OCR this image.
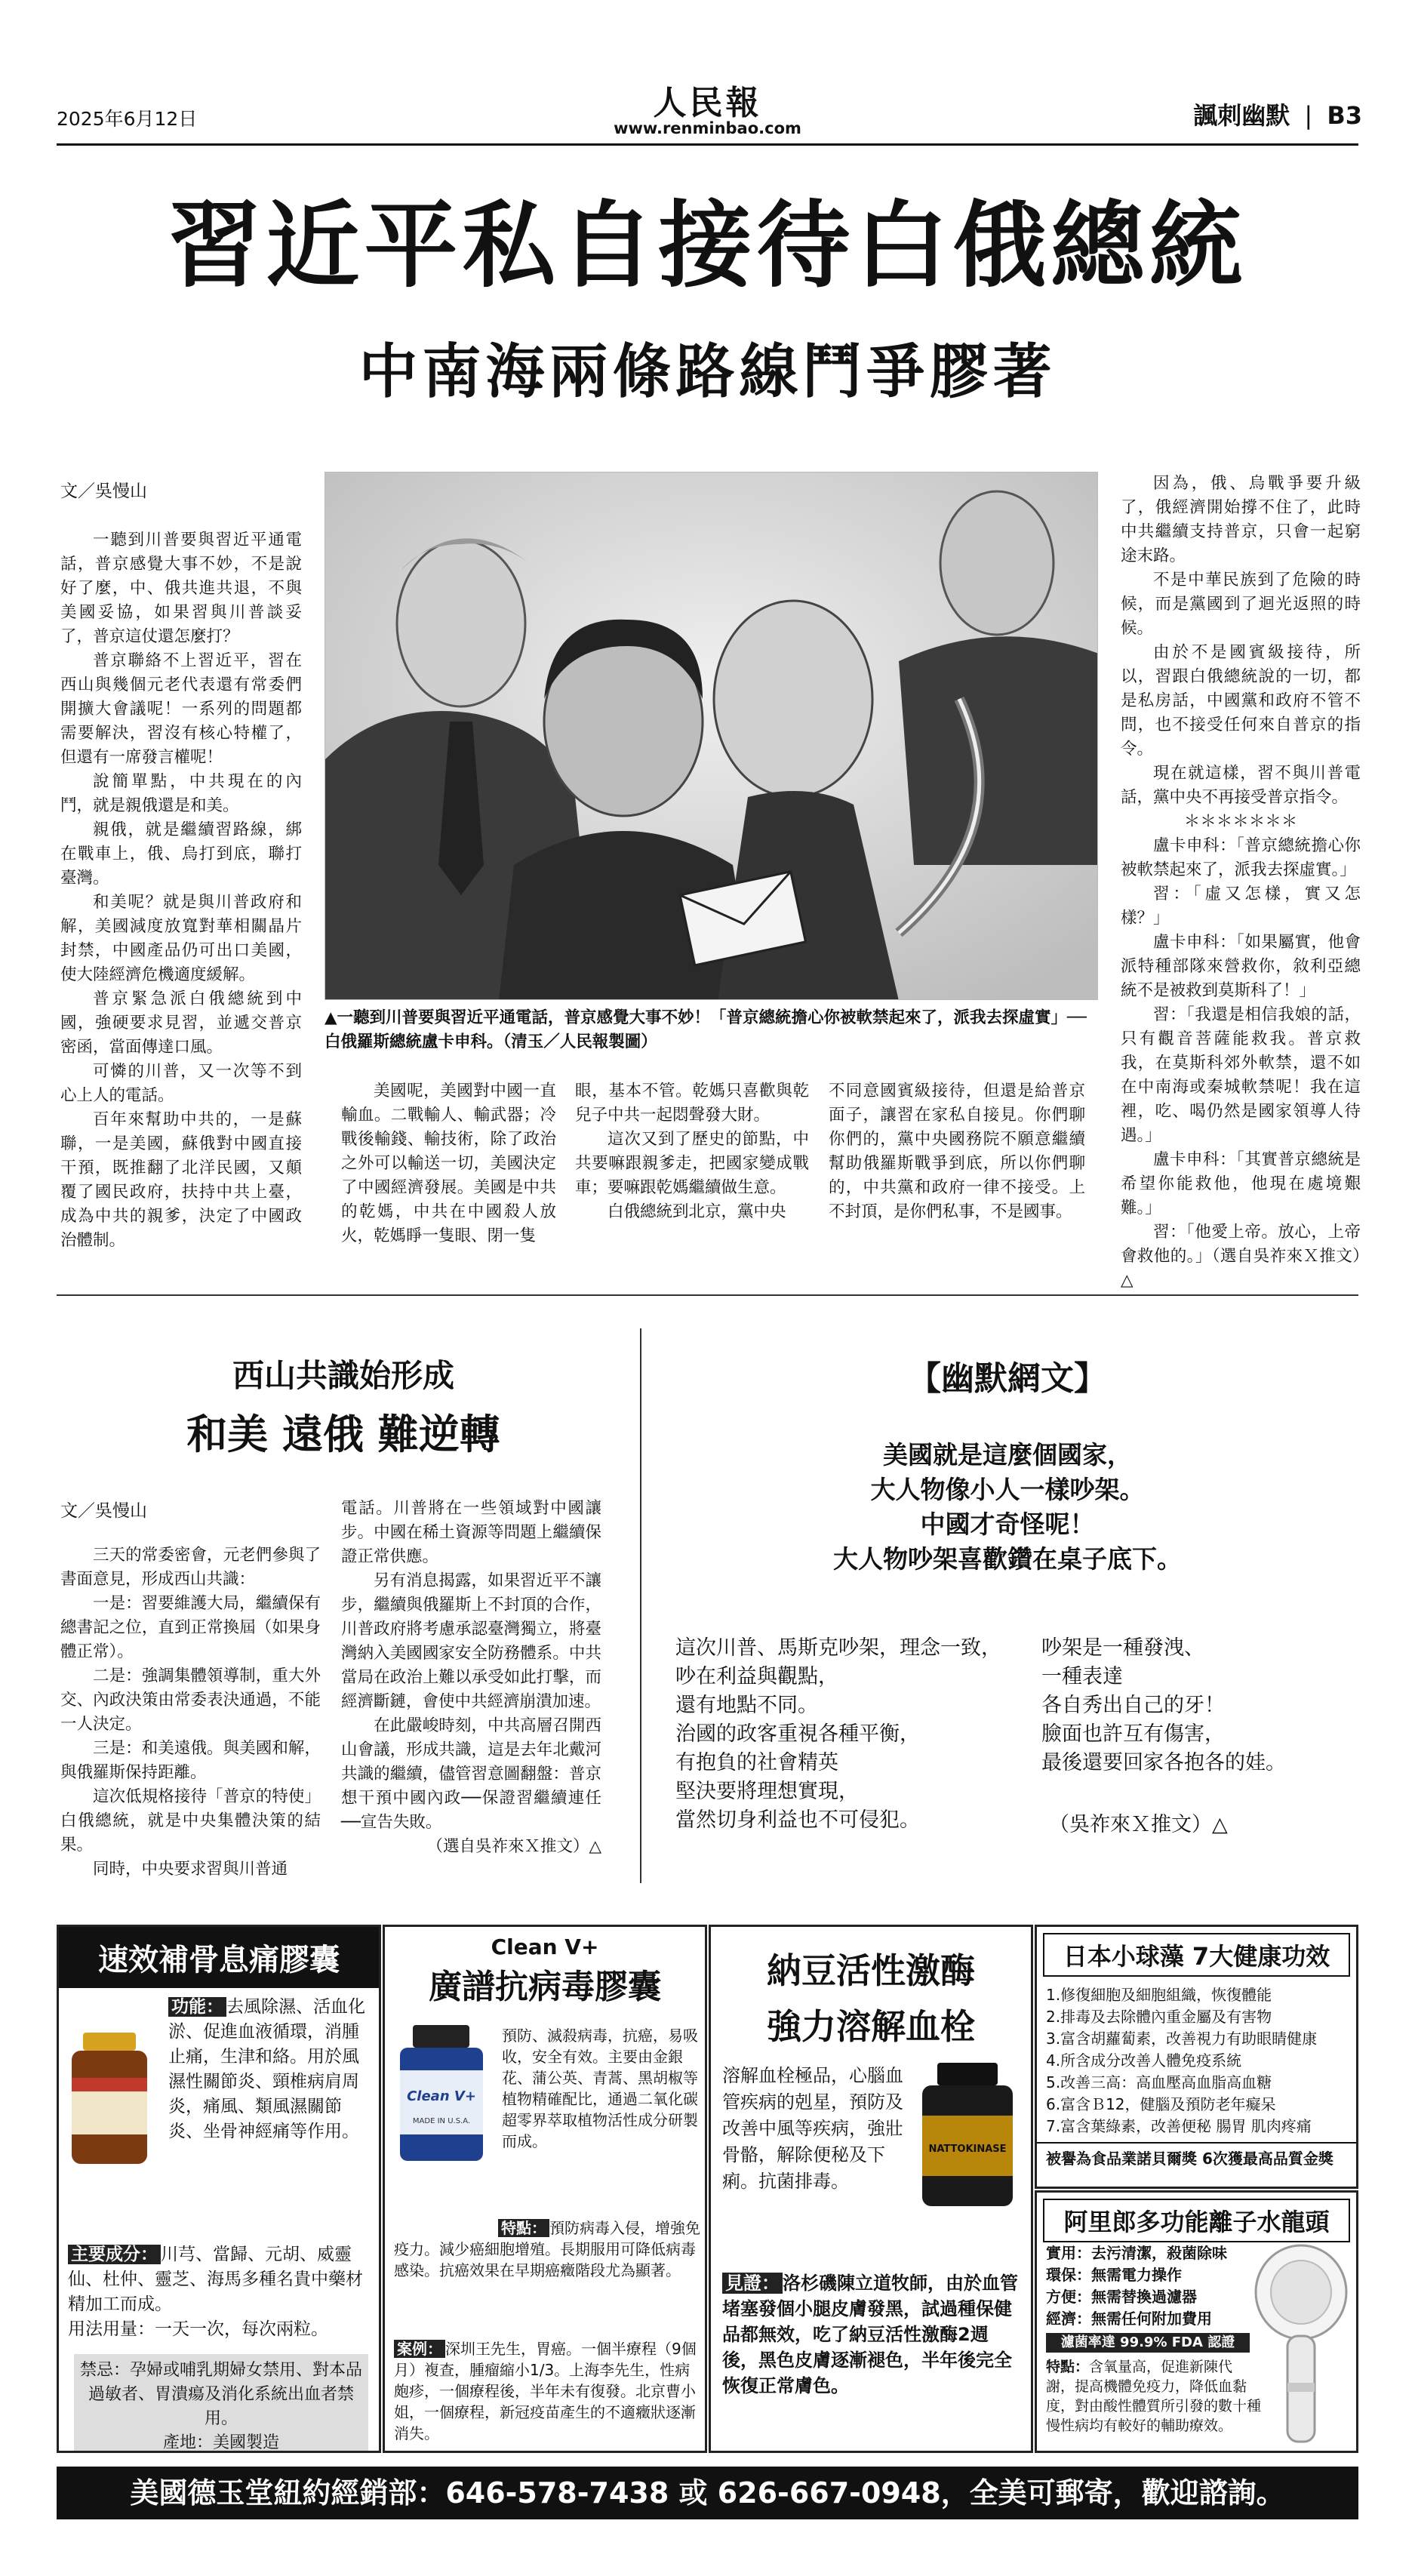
2025年6月12日	人民報
www.renminbao.com	諷刺幽默 | B3
習近平私自接待白俄總統
中南海兩條路線鬥爭膠著
文／吳慢山

一聽到川普要與習近平通電話，普京感覺大事不妙，不是說好了麼，中、俄共進共退，不與美國妥協，如果習與川普談妥了，普京這仗還怎麼打？

普京聯絡不上習近平，習在西山與幾個元老代表還有常委們開擴大會議呢！一系列的問題都需要解決，習沒有核心特權了，但還有一席發言權呢！

說簡單點，中共現在的內鬥，就是親俄還是和美。

親俄，就是繼續習路線，綁在戰車上，俄、烏打到底，聯打臺灣。

和美呢？就是與川普政府和解，美國減度放寬對華相關晶片封禁，中國產品仍可出口美國，使大陸經濟危機適度緩解。

普京緊急派白俄總統到中國，強硬要求見習，並遞交普京密函，當面傳達口風。

可憐的川普，又一次等不到心上人的電話。

百年來幫助中共的，一是蘇聯，一是美國，蘇俄對中國直接干預，既推翻了北洋民國，又顛覆了國民政府，扶持中共上臺，成為中共的親爹，決定了中國政治體制。

▲一聽到川普要與習近平通電話，普京感覺大事不妙！「普京總統擔心你被軟禁起來了，派我去探虛實」──白俄羅斯總統盧卡申科。（清玉／人民報製圖）

美國呢，美國對中國一直輸血。二戰輸人、輸武器；冷戰後輸錢、輸技術，除了政治之外可以輸送一切，美國決定了中國經濟發展。美國是中共的乾媽，中共在中國殺人放火，乾媽睜一隻眼、閉一隻

眼，基本不管。乾媽只喜歡與乾兒子中共一起悶聲發大財。

這次又到了歷史的節點，中共要嘛跟親爹走，把國家變成戰車；要嘛跟乾媽繼續做生意。

白俄總統到北京，黨中央

不同意國賓級接待，但還是給普京面子，讓習在家私自接見。你們聊你們的，黨中央國務院不願意繼續幫助俄羅斯戰爭到底，所以你們聊的，中共黨和政府一律不接受。上不封頂，是你們私事，不是國事。

因為，俄、烏戰爭要升級了，俄經濟開始撐不住了，此時中共繼續支持普京，只會一起窮途末路。

不是中華民族到了危險的時候，而是黨國到了迴光返照的時候。

由於不是國賓級接待，所以，習跟白俄總統說的一切，都是私房話，中國黨和政府不管不問，也不接受任何來自普京的指令。

現在就這樣，習不與川普電話，黨中央不再接受普京指令。

＊＊＊＊＊＊＊

盧卡申科：「普京總統擔心你被軟禁起來了，派我去探虛實。」

習：「虛又怎樣，實又怎樣？」

盧卡申科：「如果屬實，他會派特種部隊來營救你，敘利亞總統不是被救到莫斯科了！」

習：「我還是相信我娘的話，只有觀音菩薩能救我。普京救我，在莫斯科郊外軟禁，還不如在中南海或秦城軟禁呢！我在這裡，吃、喝仍然是國家領導人待遇。」

盧卡申科：「其實普京總統是希望你能救他，他現在處境艱難。」

習：「他愛上帝。放心，上帝會救他的。」（選自吳祚來Ｘ推文）△

西山共識始形成
和美 遠俄 難逆轉
文／吳慢山

三天的常委密會，元老們參與了書面意見，形成西山共識：

一是：習要維護大局，繼續保有總書記之位，直到正常換屆（如果身體正常）。

二是：強調集體領導制，重大外交、內政決策由常委表決通過，不能一人決定。

三是：和美遠俄。與美國和解，與俄羅斯保持距離。

這次低規格接待「普京的特使」白俄總統，就是中央集體決策的結果。

同時，中央要求習與川普通

電話。川普將在一些領域對中國讓步。中國在稀土資源等問題上繼續保證正常供應。

另有消息揭露，如果習近平不讓步，繼續與俄羅斯上不封頂的合作，川普政府將考慮承認臺灣獨立，將臺灣納入美國國家安全防務體系。中共當局在政治上難以承受如此打擊，而經濟斷鏈，會使中共經濟崩潰加速。

在此嚴峻時刻，中共高層召開西山會議，形成共識，這是去年北戴河共識的繼續，儘管習意圖翻盤：普京想干預中國內政──保證習繼續連任──宣告失敗。

（選自吳祚來Ｘ推文）△

【幽默網文】
美國就是這麼個國家，
大人物像小人一樣吵架。
中國才奇怪呢！
大人物吵架喜歡鑽在桌子底下。
這次川普、馬斯克吵架，理念一致，
吵在利益與觀點，
還有地點不同。
治國的政客重視各種平衡，
有抱負的社會精英
堅決要將理想實現，
當然切身利益也不可侵犯。
吵架是一種發洩、
一種表達
各自秀出自己的牙！
臉面也許互有傷害，
最後還要回家各抱各的娃。
（吳祚來Ｘ推文）△
速效補骨息痛膠囊
功能： 去風除濕、活血化淤、促進血液循環，消腫止痛，生津和絡。用於風濕性關節炎、頸椎病肩周炎，痛風、類風濕關節炎、坐骨神經痛等作用。
主要成分： 川芎、當歸、元胡、威靈仙、杜仲、靈芝、海馬多種名貴中藥材精加工而成。
用法用量：一天一次，每次兩粒。
禁忌：孕婦或哺乳期婦女禁用、對本品過敏者、胃潰瘍及消化系統出血者禁用。
產地：美國製造
Clean V+
廣譜抗病毒膠囊
Clean V+
MADE IN U.S.A.
預防、滅殺病毒，抗癌，易吸收，安全有效。主要由金銀花、蒲公英、青蒿、黑胡椒等植物精確配比，通過二氧化碳超零界萃取植物活性成分研製而成。
特點： 預防病毒入侵，增強免疫力。減少癌細胞增殖。長期服用可降低病毒感染。抗癌效果在早期癌癥階段尤為顯著。
案例： 深圳王先生，胃癌。一個半療程（9個月）複查，腫瘤縮小1/3。上海李先生，性病皰疹，一個療程後，半年未有復發。北京曹小姐，一個療程，新冠疫苗產生的不適癥狀逐漸消失。
納豆活性激酶
強力溶解血栓
溶解血栓極品，心腦血管疾病的剋星，預防及改善中風等疾病，強壯骨骼，解除便秘及下痢。抗菌排毒。
NATTOKINASE
見證： 洛杉磯陳立道牧師，由於血管堵塞發個小腿皮膚發黑，試過種保健品都無效，吃了納豆活性激酶2週後，黑色皮膚逐漸褪色，半年後完全恢復正常膚色。
日本小球藻 7大健康功效
1.修復細胞及細胞組織，恢復體能
2.排毒及去除體內重金屬及有害物
3.富含胡蘿蔔素，改善視力有助眼睛健康
4.所含成分改善人體免疫系統
5.改善三高：高血壓高血脂高血糖
6.富含Ｂ12，健腦及預防老年癡呆
7.富含葉綠素，改善便秘 腸胃 肌肉疼痛
被譽為食品業諾貝爾獎 6次獲最高品質金獎
阿里郎多功能離子水龍頭
實用：去污清潔，殺菌除味
環保：無需電力操作
方便：無需替換過濾器
經濟：無需任何附加費用
濾菌率達 99.9% FDA 認證
特點：含氧量高，促進新陳代謝，提高機體免疫力，降低血黏度，對由酸性體質所引發的數十種慢性病均有較好的輔助療效。
美國德玉堂紐約經銷部：646-578-7438 或 626-667-0948，全美可郵寄，歡迎諮詢。
